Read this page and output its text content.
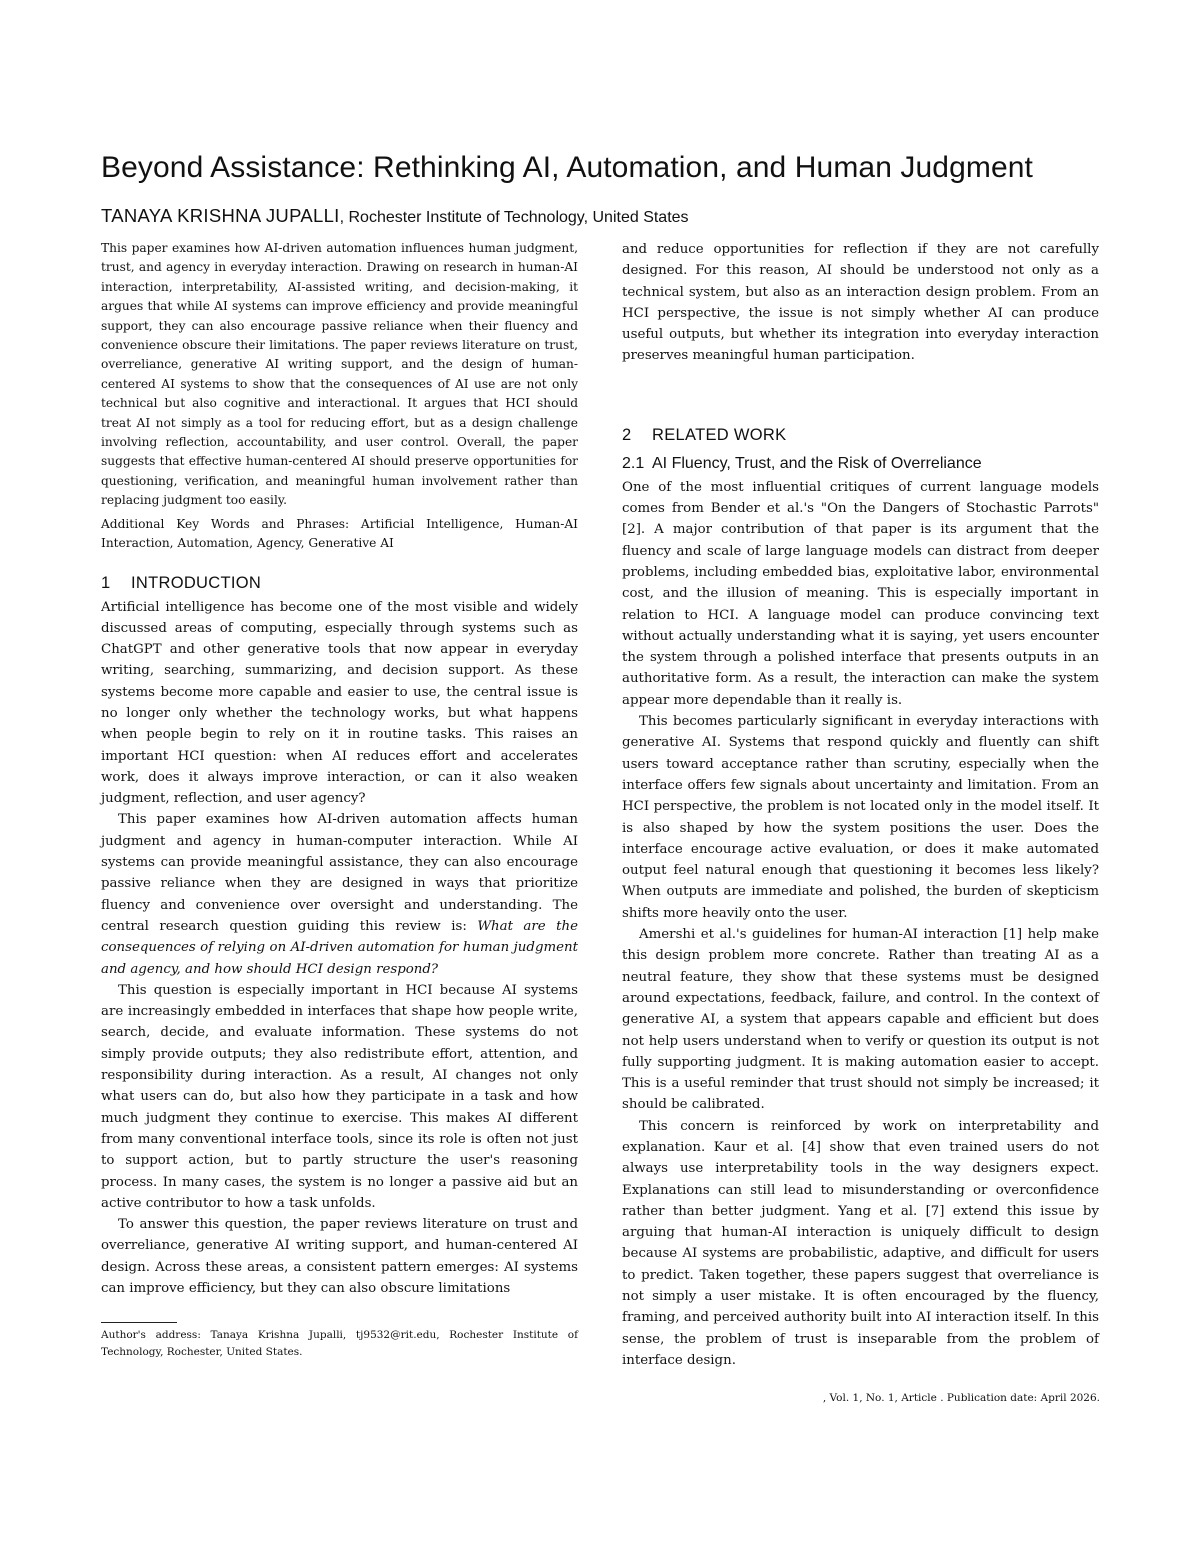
Beyond Assistance: Rethinking AI, Automation, and Human Judgment
TANAYA KRISHNA JUPALLI, Rochester Institute of Technology, United States

This paper examines how AI-driven automation influences human judgment, trust, and agency in everyday interaction. Drawing on research in human-AI interaction, interpretability, AI-assisted writing, and decision-making, it argues that while AI systems can improve efficiency and provide meaningful support, they can also encourage passive reliance when their fluency and convenience obscure their limitations. The paper reviews literature on trust, overreliance, generative AI writing support, and the design of human-centered AI systems to show that the consequences of AI use are not only technical but also cognitive and interactional. It argues that HCI should treat AI not simply as a tool for reducing effort, but as a design challenge involving reflection, accountability, and user control. Overall, the paper suggests that effective human-centered AI should preserve opportunities for questioning, verification, and meaningful human involvement rather than replacing judgment too easily.

Additional Key Words and Phrases: Artificial Intelligence, Human-AI Interaction, Automation, Agency, Generative AI

1 INTRODUCTION

Artificial intelligence has become one of the most visible and widely discussed areas of computing, especially through systems such as ChatGPT and other generative tools that now appear in everyday writing, searching, summarizing, and decision support. As these systems become more capable and easier to use, the central issue is no longer only whether the technology works, but what happens when people begin to rely on it in routine tasks. This raises an important HCI question: when AI reduces effort and accelerates work, does it always improve interaction, or can it also weaken judgment, reflection, and user agency?

This paper examines how AI-driven automation affects human judgment and agency in human-computer interaction. While AI systems can provide meaningful assistance, they can also encourage passive reliance when they are designed in ways that prioritize fluency and convenience over oversight and understanding. The central research question guiding this review is: What are the consequences of relying on AI-driven automation for human judgment and agency, and how should HCI design respond?

This question is especially important in HCI because AI systems are increasingly embedded in interfaces that shape how people write, search, decide, and evaluate information. These systems do not simply provide outputs; they also redistribute effort, attention, and responsibility during interaction. As a result, AI changes not only what users can do, but also how they participate in a task and how much judgment they continue to exercise. This makes AI different from many conventional interface tools, since its role is often not just to support action, but to partly structure the user's reasoning process. In many cases, the system is no longer a passive aid but an active contributor to how a task unfolds.

To answer this question, the paper reviews literature on trust and overreliance, generative AI writing support, and human-centered AI design. Across these areas, a consistent pattern emerges: AI systems can improve efficiency, but they can also obscure limitations

and reduce opportunities for reflection if they are not carefully designed. For this reason, AI should be understood not only as a technical system, but also as an interaction design problem. From an HCI perspective, the issue is not simply whether AI can produce useful outputs, but whether its integration into everyday interaction preserves meaningful human participation.

2 RELATED WORK
2.1 AI Fluency, Trust, and the Risk of Overreliance

One of the most influential critiques of current language models comes from Bender et al.'s "On the Dangers of Stochastic Parrots" [2]. A major contribution of that paper is its argument that the fluency and scale of large language models can distract from deeper problems, including embedded bias, exploitative labor, environmental cost, and the illusion of meaning. This is especially important in relation to HCI. A language model can produce convincing text without actually understanding what it is saying, yet users encounter the system through a polished interface that presents outputs in an authoritative form. As a result, the interaction can make the system appear more dependable than it really is.

This becomes particularly significant in everyday interactions with generative AI. Systems that respond quickly and fluently can shift users toward acceptance rather than scrutiny, especially when the interface offers few signals about uncertainty and limitation. From an HCI perspective, the problem is not located only in the model itself. It is also shaped by how the system positions the user. Does the interface encourage active evaluation, or does it make automated output feel natural enough that questioning it becomes less likely? When outputs are immediate and polished, the burden of skepticism shifts more heavily onto the user.

Amershi et al.'s guidelines for human-AI interaction [1] help make this design problem more concrete. Rather than treating AI as a neutral feature, they show that these systems must be designed around expectations, feedback, failure, and control. In the context of generative AI, a system that appears capable and efficient but does not help users understand when to verify or question its output is not fully supporting judgment. It is making automation easier to accept. This is a useful reminder that trust should not simply be increased; it should be calibrated.

This concern is reinforced by work on interpretability and explanation. Kaur et al. [4] show that even trained users do not always use interpretability tools in the way designers expect. Explanations can still lead to misunderstanding or overconfidence rather than better judgment. Yang et al. [7] extend this issue by arguing that human-AI interaction is uniquely difficult to design because AI systems are probabilistic, adaptive, and difficult for users to predict. Taken together, these papers suggest that overreliance is not simply a user mistake. It is often encouraged by the fluency, framing, and perceived authority built into AI interaction itself. In this sense, the problem of trust is inseparable from the problem of interface design.

Author's address: Tanaya Krishna Jupalli, tj9532@rit.edu, Rochester Institute of Technology, Rochester, United States.

, Vol. 1, No. 1, Article . Publication date: April 2026.
